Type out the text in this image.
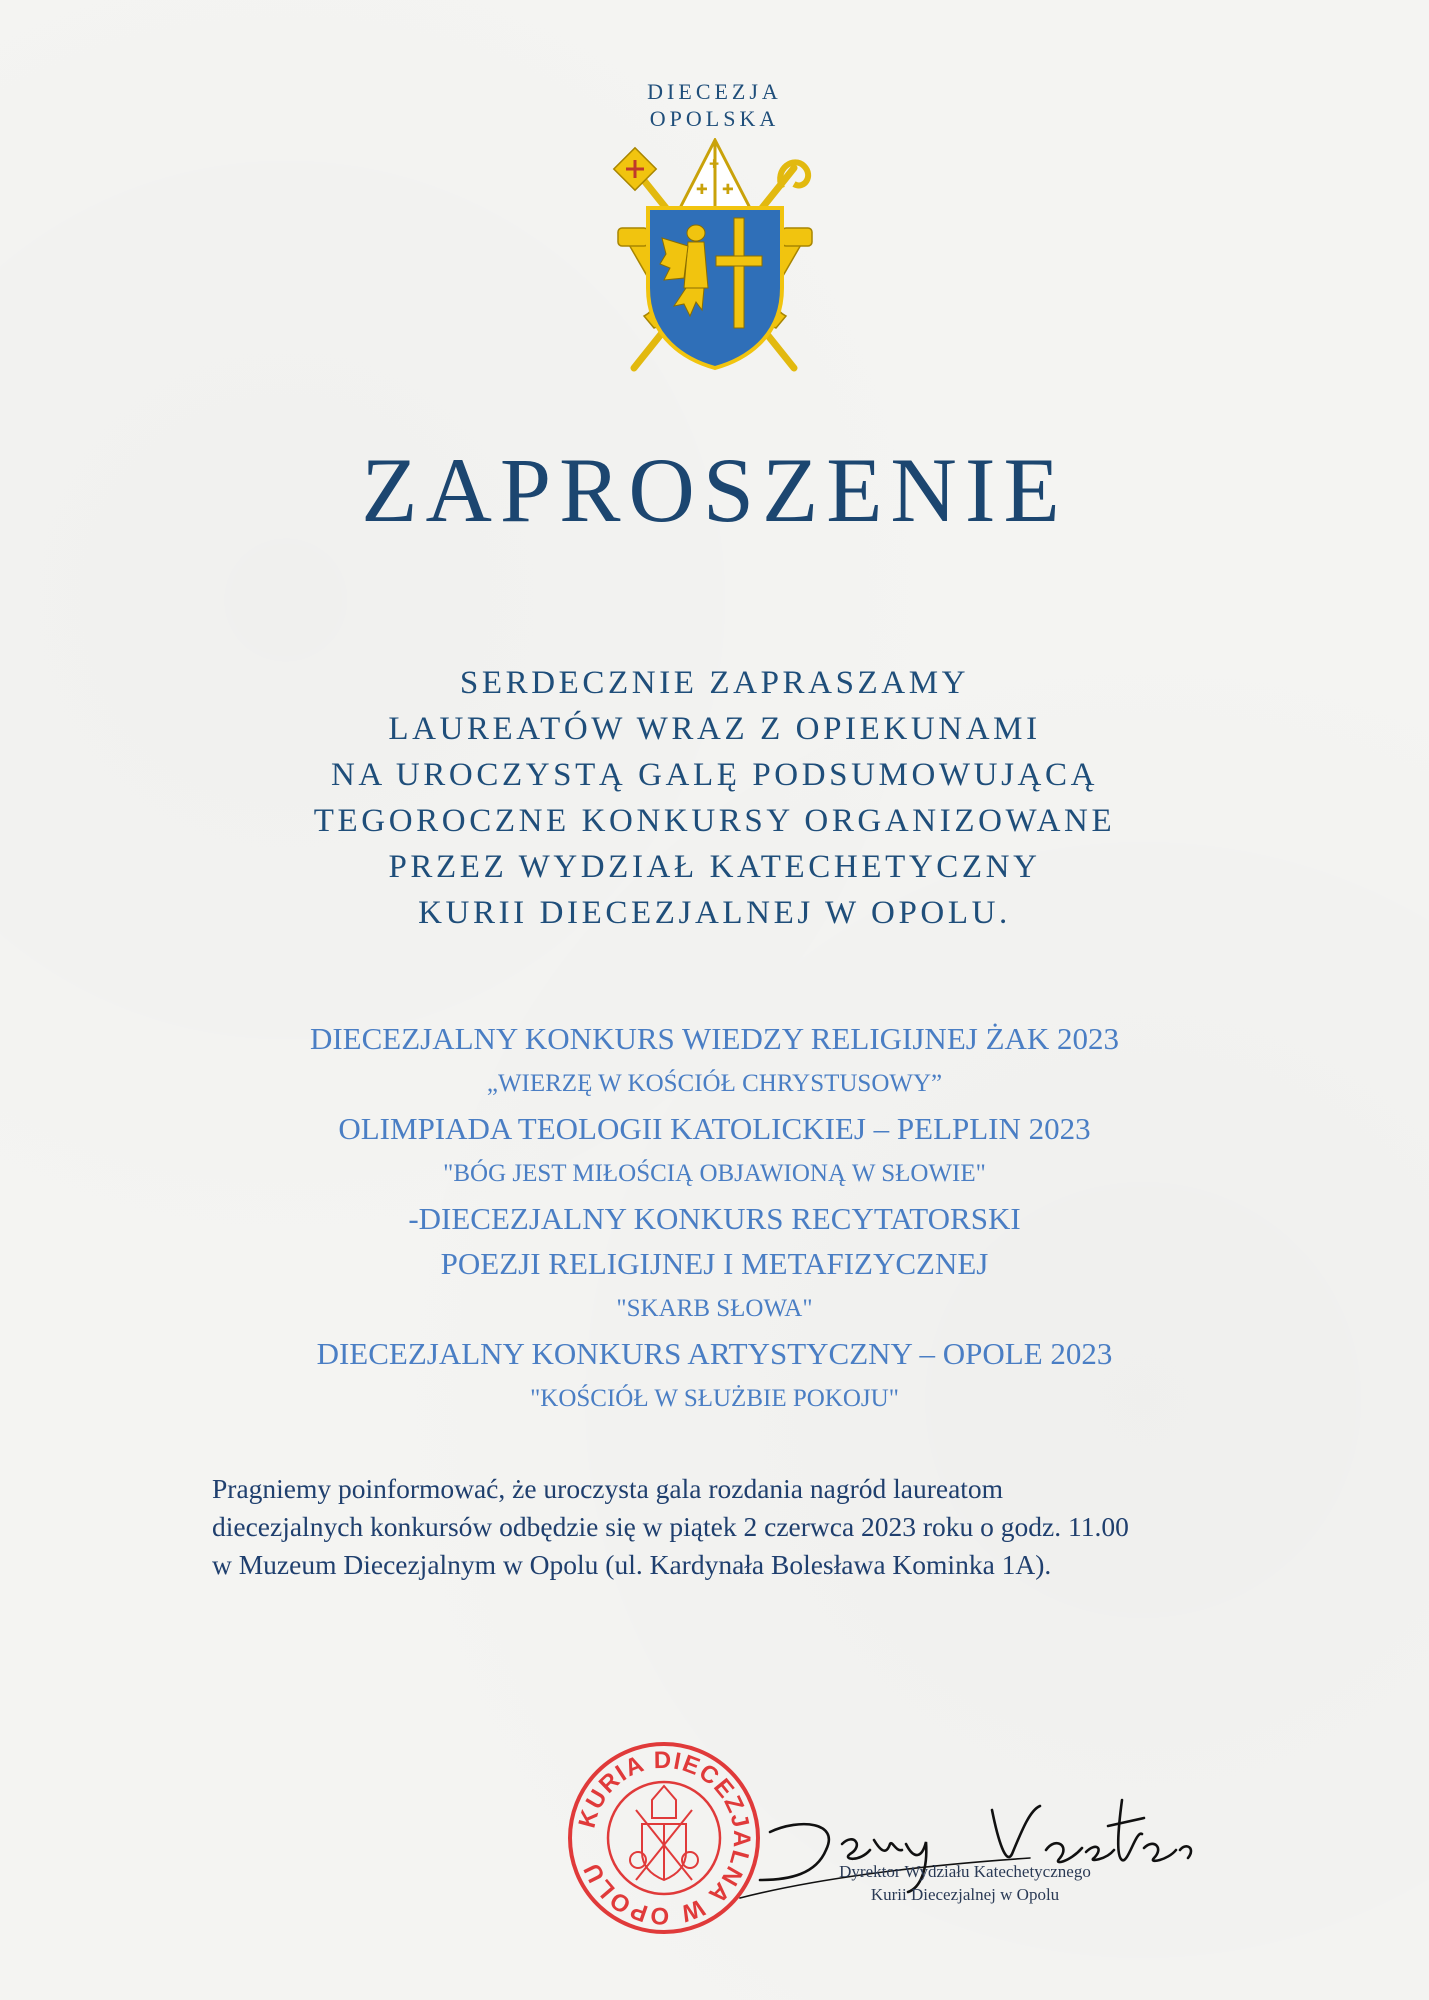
DIECEZJA
OPOLSKA
✚ ✚
✚
ZAPROSZENIE
SERDECZNIE ZAPRASZAMY
LAUREATÓW WRAZ Z OPIEKUNAMI
NA UROCZYSTĄ GALĘ PODSUMOWUJĄCĄ
TEGOROCZNE KONKURSY ORGANIZOWANE
PRZEZ WYDZIAŁ KATECHETYCZNY
KURII DIECEZJALNEJ W OPOLU.
DIECEZJALNY KONKURS WIEDZY RELIGIJNEJ ŻAK 2023
„WIERZĘ W KOŚCIÓŁ CHRYSTUSOWY”
OLIMPIADA TEOLOGII KATOLICKIEJ – PELPLIN 2023
"BÓG JEST MIŁOŚCIĄ OBJAWIONĄ W SŁOWIE"
-DIECEZJALNY KONKURS RECYTATORSKI
POEZJI RELIGIJNEJ I METAFIZYCZNEJ
"SKARB SŁOWA"
DIECEZJALNY KONKURS ARTYSTYCZNY – OPOLE 2023
"KOŚCIÓŁ W SŁUŻBIE POKOJU"
Pragniemy poinformować, że uroczysta gala rozdania nagród laureatom
diecezjalnych konkursów odbędzie się w piątek 2 czerwca 2023 roku o godz. 11.00
w Muzeum Diecezjalnym w Opolu (ul. Kardynała Bolesława Kominka 1A).
KURIA DIECEZJALNA W OPOLU	Dyrektor Wydziału Katechetycznego
Kurii Diecezjalnej w Opolu
